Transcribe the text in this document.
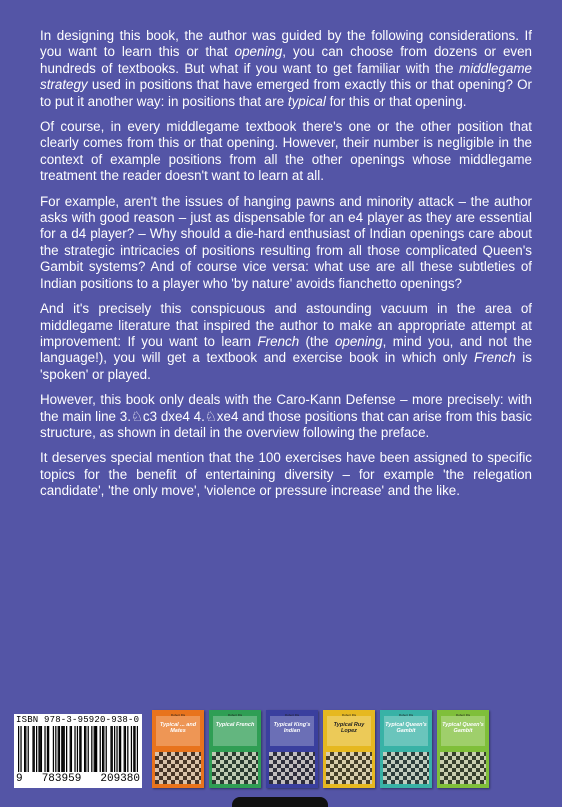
In designing this book, the author was guided by the following considerations. If you want to learn this or that opening, you can choose from dozens or even hundreds of textbooks. But what if you want to get familiar with the middlegame strategy used in positions that have emerged from exactly this or that opening? Or to put it another way: in positions that are typical for this or that opening.

Of course, in every middlegame textbook there's one or the other position that clearly comes from this or that opening. However, their number is negligible in the context of example positions from all the other openings whose middlegame treatment the reader doesn't want to learn at all.

For example, aren't the issues of hanging pawns and minority attack – the author asks with good reason – just as dispensable for an e4 player as they are essential for a d4 player? – Why should a die-hard enthusiast of Indian openings care about the strategic intricacies of positions resulting from all those complicated Queen's Gambit systems? And of course vice versa: what use are all these subtleties of Indian positions to a player who 'by nature' avoids fianchetto openings?

And it's precisely this conspicuous and astounding vacuum in the area of middlegame literature that inspired the author to make an appropriate attempt at improvement: If you want to learn French (the opening, mind you, and not the language!), you will get a textbook and exercise book in which only French is 'spoken' or played.

However, this book only deals with the Caro-Kann Defense – more precisely: with the main line 3.♘c3 dxe4 4.♘xe4 and those positions that can arise from this basic structure, as shown in detail in the overview following the preface.

It deserves special mention that the 100 exercises have been assigned to specific topics for the benefit of entertaining diversity – for example 'the relegation candidate', 'the only move', 'violence or pressure increase' and the like.

ISBN 978-3-95920-938-0
9 783959 209380
Robert Ris
Typical ... and Mates
Robert Ris
Typical French
Robert Ris
Typical King's Indian
Robert Ris
Typical Ruy Lopez
Robert Ris
Typical Queen's Gambit
Robert Ris
Typical Queen's Gambit
